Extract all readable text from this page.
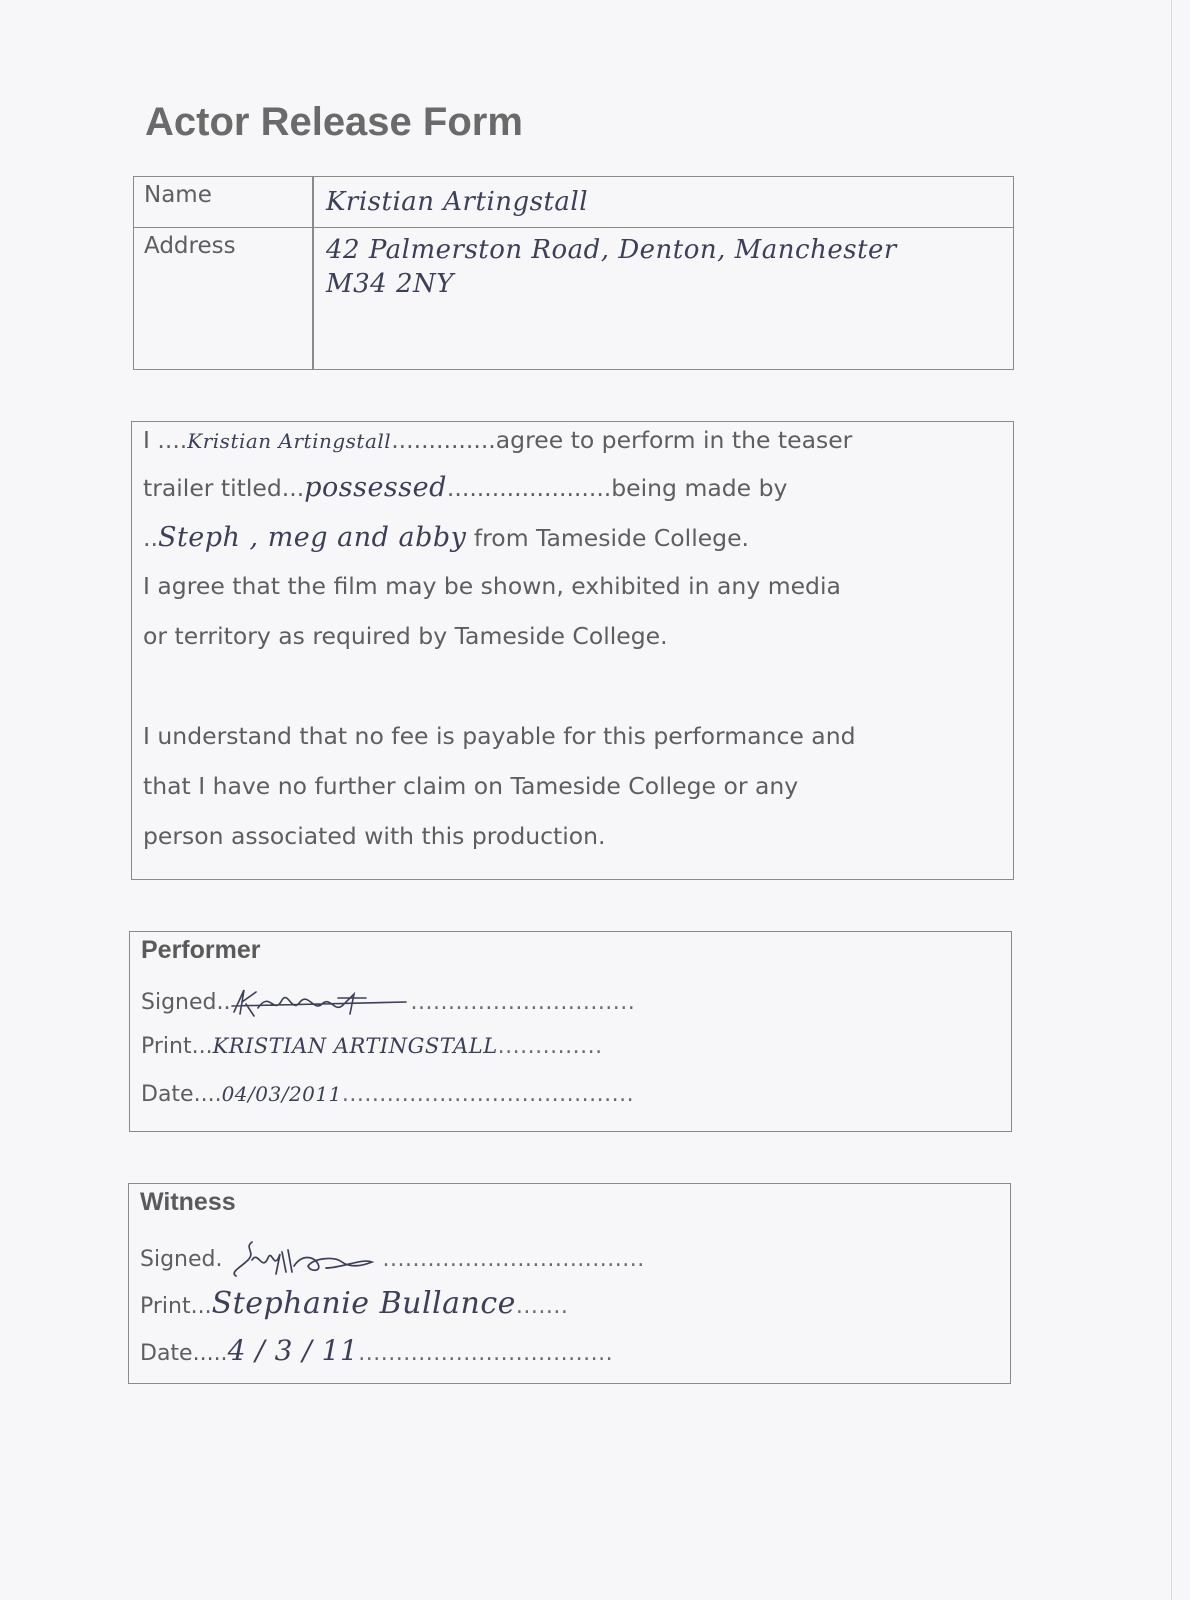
Actor Release Form
Name	Kristian Artingstall
Address	42 Palmerston Road, Denton, Manchester
M34 2NY
I ....Kristian Artingstall..............agree to perform in the teaser
trailer titled...possessed......................being made by
..Steph , meg and abby from Tameside College.
I agree that the film may be shown, exhibited in any media
or territory as required by Tameside College.
I understand that no fee is payable for this performance and
that I have no further claim on Tameside College or any
person associated with this production.
Performer
Signed..	..............................
Print...KRISTIAN ARTINGSTALL..............
Date....04/03/2011.......................................
Witness
Signed.	...................................
Print...Stephanie Bullance.......
Date.....4 / 3 / 11..................................
